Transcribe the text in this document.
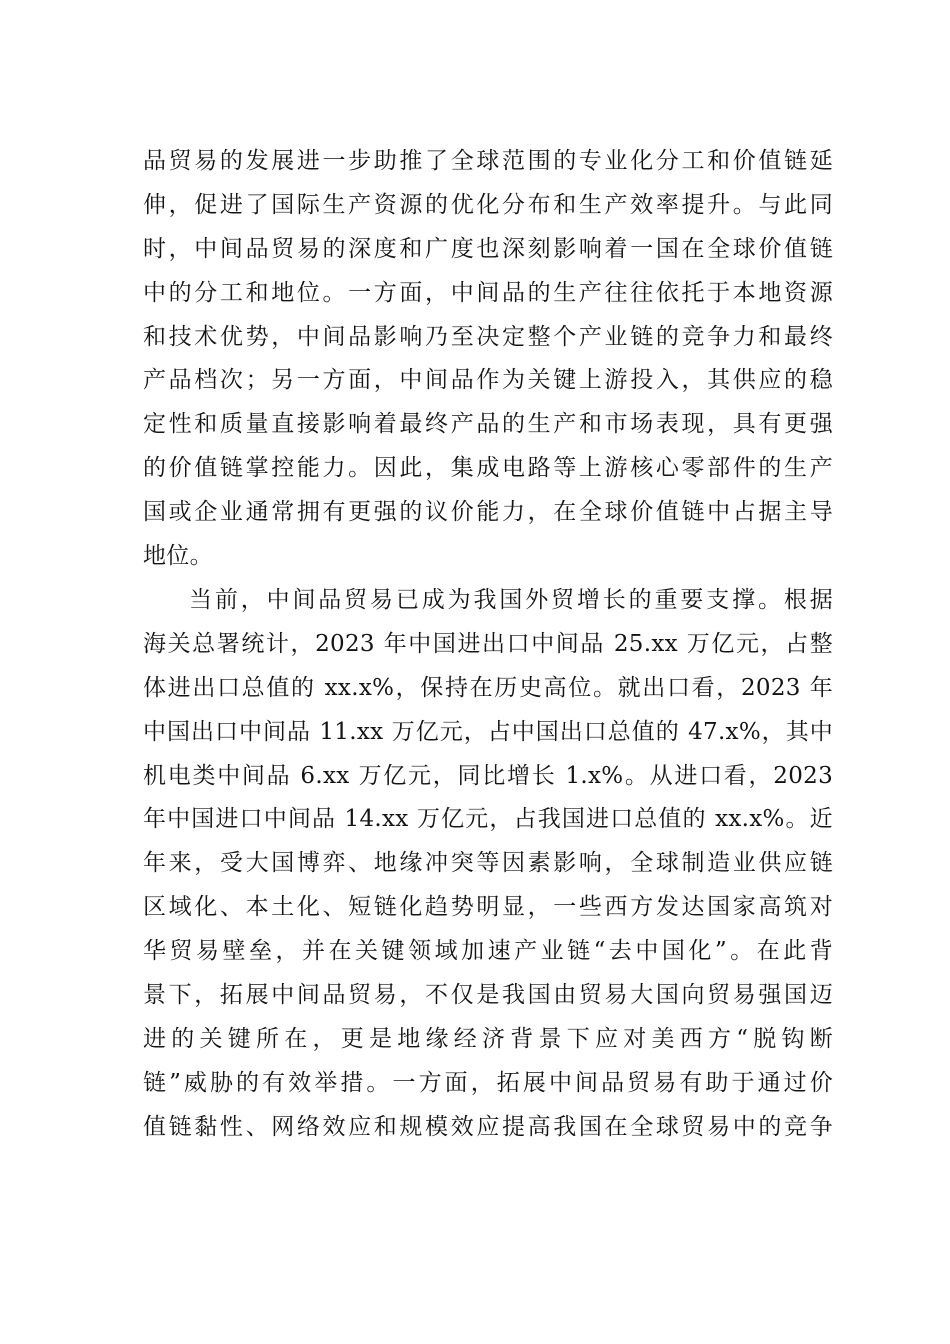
品贸易的发展进一步助推了全球范围的专业化分工和价值链延
伸，促进了国际生产资源的优化分布和生产效率提升。与此同
时，中间品贸易的深度和广度也深刻影响着一国在全球价值链
中的分工和地位。一方面，中间品的生产往往依托于本地资源
和技术优势，中间品影响乃至决定整个产业链的竞争力和最终
产品档次；另一方面，中间品作为关键上游投入，其供应的稳
定性和质量直接影响着最终产品的生产和市场表现，具有更强
的价值链掌控能力。因此，集成电路等上游核心零部件的生产
国或企业通常拥有更强的议价能力，在全球价值链中占据主导
地位。
当前，中间品贸易已成为我国外贸增长的重要支撑。根据
海关总署统计，2023 年中国进出口中间品 25.xx 万亿元，占整
体进出口总值的 xx.x%，保持在历史高位。就出口看，2023 年
中国出口中间品 11.xx 万亿元，占中国出口总值的 47.x%，其中
机电类中间品 6.xx 万亿元，同比增长 1.x%。从进口看，2023
年中国进口中间品 14.xx 万亿元，占我国进口总值的 xx.x%。近
年来，受大国博弈、地缘冲突等因素影响，全球制造业供应链
区域化、本土化、短链化趋势明显，一些西方发达国家高筑对
华贸易壁垒，并在关键领域加速产业链“去中国化”。在此背
景下，拓展中间品贸易，不仅是我国由贸易大国向贸易强国迈
进的关键所在，更是地缘经济背景下应对美西方“脱钩断
链”威胁的有效举措。一方面，拓展中间品贸易有助于通过价
值链黏性、网络效应和规模效应提高我国在全球贸易中的竞争
